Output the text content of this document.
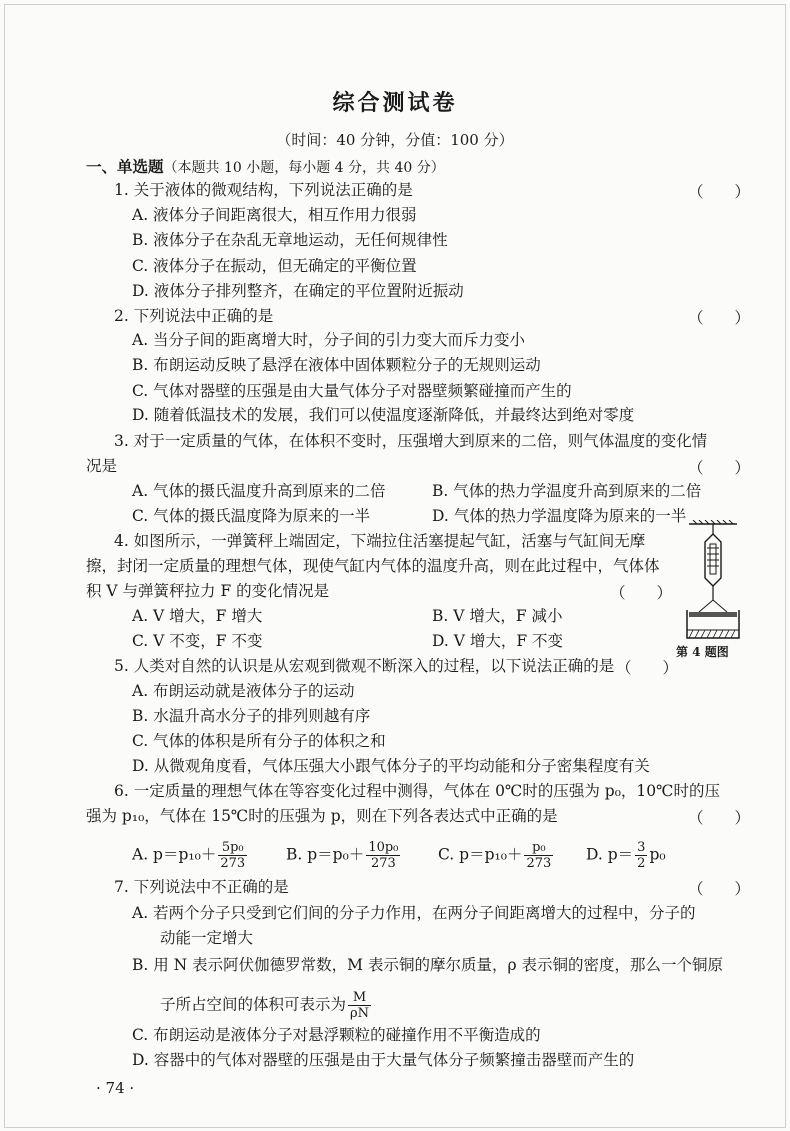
综合测试卷
（时间：40 分钟，分值：100 分）
一、单选题（本题共 10 小题，每小题 4 分，共 40 分）
1. 关于液体的微观结构，下列说法正确的是	（　　）
A. 液体分子间距离很大，相互作用力很弱
B. 液体分子在杂乱无章地运动，无任何规律性
C. 液体分子在振动，但无确定的平衡位置
D. 液体分子排列整齐，在确定的平位置附近振动
2. 下列说法中正确的是	（　　）
A. 当分子间的距离增大时，分子间的引力变大而斥力变小
B. 布朗运动反映了悬浮在液体中固体颗粒分子的无规则运动
C. 气体对器壁的压强是由大量气体分子对器壁频繁碰撞而产生的
D. 随着低温技术的发展，我们可以使温度逐渐降低，并最终达到绝对零度
3. 对于一定质量的气体，在体积不变时，压强增大到原来的二倍，则气体温度的变化情
况是	（　　）
A. 气体的摄氏温度升高到原来的二倍	B. 气体的热力学温度升高到原来的二倍
C. 气体的摄氏温度降为原来的一半	D. 气体的热力学温度降为原来的一半
4. 如图所示，一弹簧秤上端固定，下端拉住活塞提起气缸，活塞与气缸间无摩
擦，封闭一定质量的理想气体，现使气缸内气体的温度升高，则在此过程中，气体体
积 V 与弹簧秤拉力 F 的变化情况是	（　　）
A. V 增大，F 增大	B. V 增大，F 减小
C. V 不变，F 不变	D. V 增大，F 不变
第 4 题图
5. 人类对自然的认识是从宏观到微观不断深入的过程，以下说法正确的是 （　　）
A. 布朗运动就是液体分子的运动
B. 水温升高水分子的排列则越有序
C. 气体的体积是所有分子的体积之和
D. 从微观角度看，气体压强大小跟气体分子的平均动能和分子密集程度有关
6. 一定质量的理想气体在等容变化过程中测得，气体在 0℃时的压强为 p₀，10℃时的压
强为 p₁₀，气体在 15℃时的压强为 p，则在下列各表达式中正确的是	（　　）
A. $p=p_{10}+ \frac{\text{5p₀}}{273}$	B. $p=p_0+ \frac{\text{10p₀}}{273} C$. $p=p_{10}+ \frac{\text{p₀}}{273} D$. $p= \frac{3}{2} p_0$
7. 下列说法中不正确的是	（　　）
A. 若两个分子只受到它们间的分子力作用，在两分子间距离增大的过程中，分子的
动能一定增大
B. 用 N 表示阿伏伽德罗常数，M 表示铜的摩尔质量，ρ 表示铜的密度，那么一个铜原
子所占空间的体积可表示为 $\frac{M}{\rho N}$
C. 布朗运动是液体分子对悬浮颗粒的碰撞作用不平衡造成的
D. 容器中的气体对器壁的压强是由于大量气体分子频繁撞击器壁而产生的
· 74 ·
